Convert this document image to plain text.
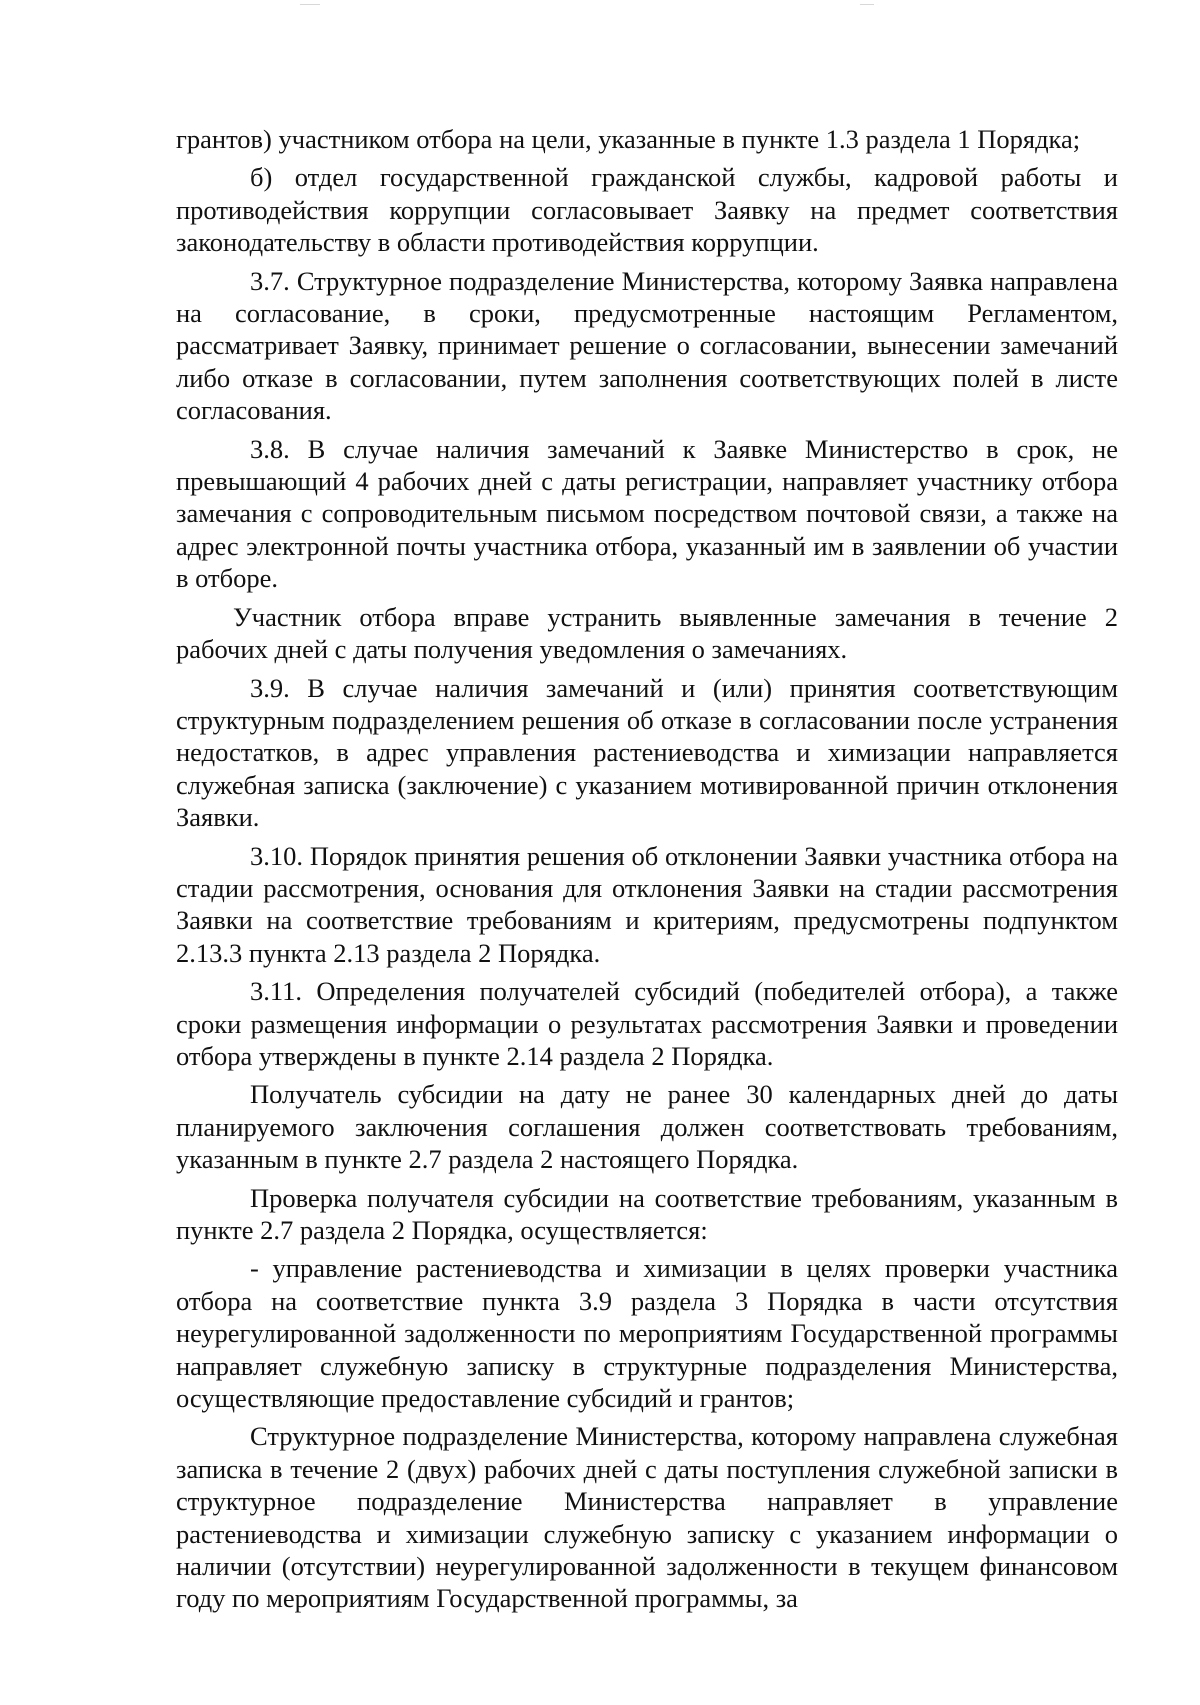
грантов) участником отбора на цели, указанные в пункте 1.3 раздела 1 Порядка;

б) отдел государственной гражданской службы, кадровой работы и противодействия коррупции согласовывает Заявку на предмет соответствия законодательству в области противодействия коррупции.

3.7. Структурное подразделение Министерства, которому Заявка направлена на согласование, в сроки, предусмотренные настоящим Регламентом, рассматривает Заявку, принимает решение о согласовании, вынесении замечаний либо отказе в согласовании, путем заполнения соответствующих полей в листе согласования.

3.8. В случае наличия замечаний к Заявке Министерство в срок, не превышающий 4 рабочих дней с даты регистрации, направляет участнику отбора замечания с сопроводительным письмом посредством почтовой связи, а также на адрес электронной почты участника отбора, указанный им в заявлении об участии в отборе.

Участник отбора вправе устранить выявленные замечания в течение 2 рабочих дней с даты получения уведомления о замечаниях.

3.9. В случае наличия замечаний и (или) принятия соответствующим структурным подразделением решения об отказе в согласовании после устранения недостатков, в адрес управления растениеводства и химизации направляется служебная записка (заключение) с указанием мотивированной причин отклонения Заявки.

3.10. Порядок принятия решения об отклонении Заявки участника отбора на стадии рассмотрения, основания для отклонения Заявки на стадии рассмотрения Заявки на соответствие требованиям и критериям, предусмотрены подпунктом 2.13.3 пункта 2.13 раздела 2 Порядка.

3.11. Определения получателей субсидий (победителей отбора), а также сроки размещения информации о результатах рассмотрения Заявки и проведении отбора утверждены в пункте 2.14 раздела 2 Порядка.

Получатель субсидии на дату не ранее 30 календарных дней до даты планируемого заключения соглашения должен соответствовать требованиям, указанным в пункте 2.7 раздела 2 настоящего Порядка.

Проверка получателя субсидии на соответствие требованиям, указанным в пункте 2.7 раздела 2 Порядка, осуществляется:

- управление растениеводства и химизации в целях проверки участника отбора на соответствие пункта 3.9 раздела 3 Порядка в части отсутствия неурегулированной задолженности по мероприятиям Государственной программы направляет служебную записку в структурные подразделения Министерства, осуществляющие предоставление субсидий и грантов;

Структурное подразделение Министерства, которому направлена служебная записка в течение 2 (двух) рабочих дней с даты поступления служебной записки в структурное подразделение Министерства направляет в управление растениеводства и химизации служебную записку с указанием информации о наличии (отсутствии) неурегулированной задолженности в текущем финансовом году по мероприятиям Государственной программы, за
